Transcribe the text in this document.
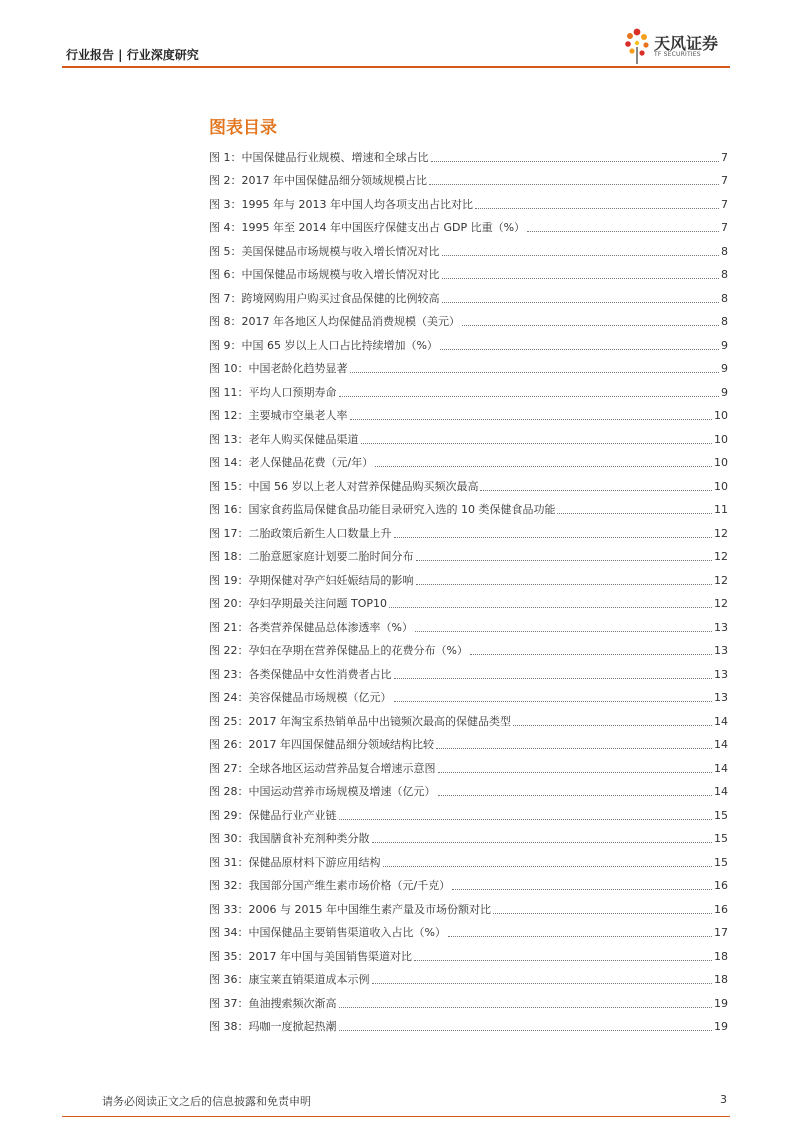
行业报告 | 行业深度研究
天风证券
TF SECURITIES
图表目录
图 1：中国保健品行业规模、增速和全球占比	7
图 2：2017 年中国保健品细分领域规模占比	7
图 3：1995 年与 2013 年中国人均各项支出占比对比	7
图 4：1995 年至 2014 年中国医疗保健支出占 GDP 比重（%）	7
图 5：美国保健品市场规模与收入增长情况对比	8
图 6：中国保健品市场规模与收入增长情况对比	8
图 7：跨境网购用户购买过食品保健的比例较高	8
图 8：2017 年各地区人均保健品消费规模（美元）	8
图 9：中国 65 岁以上人口占比持续增加（%）	9
图 10：中国老龄化趋势显著	9
图 11：平均人口预期寿命	9
图 12：主要城市空巢老人率	10
图 13：老年人购买保健品渠道	10
图 14：老人保健品花费（元/年）	10
图 15：中国 56 岁以上老人对营养保健品购买频次最高	10
图 16：国家食药监局保健食品功能目录研究入选的 10 类保健食品功能	11
图 17：二胎政策后新生人口数量上升	12
图 18：二胎意愿家庭计划要二胎时间分布	12
图 19：孕期保健对孕产妇妊娠结局的影响	12
图 20：孕妇孕期最关注问题 TOP10	12
图 21：各类营养保健品总体渗透率（%）	13
图 22：孕妇在孕期在营养保健品上的花费分布（%）	13
图 23：各类保健品中女性消费者占比	13
图 24：美容保健品市场规模（亿元）	13
图 25：2017 年淘宝系热销单品中出镜频次最高的保健品类型	14
图 26：2017 年四国保健品细分领域结构比较	14
图 27：全球各地区运动营养品复合增速示意图	14
图 28：中国运动营养市场规模及增速（亿元）	14
图 29：保健品行业产业链	15
图 30：我国膳食补充剂种类分散	15
图 31：保健品原材料下游应用结构	15
图 32：我国部分国产维生素市场价格（元/千克）	16
图 33：2006 与 2015 年中国维生素产量及市场份额对比	16
图 34：中国保健品主要销售渠道收入占比（%）	17
图 35：2017 年中国与美国销售渠道对比	18
图 36：康宝莱直销渠道成本示例	18
图 37：鱼油搜索频次渐高	19
图 38：玛咖一度掀起热潮	19
请务必阅读正文之后的信息披露和免责申明	3
